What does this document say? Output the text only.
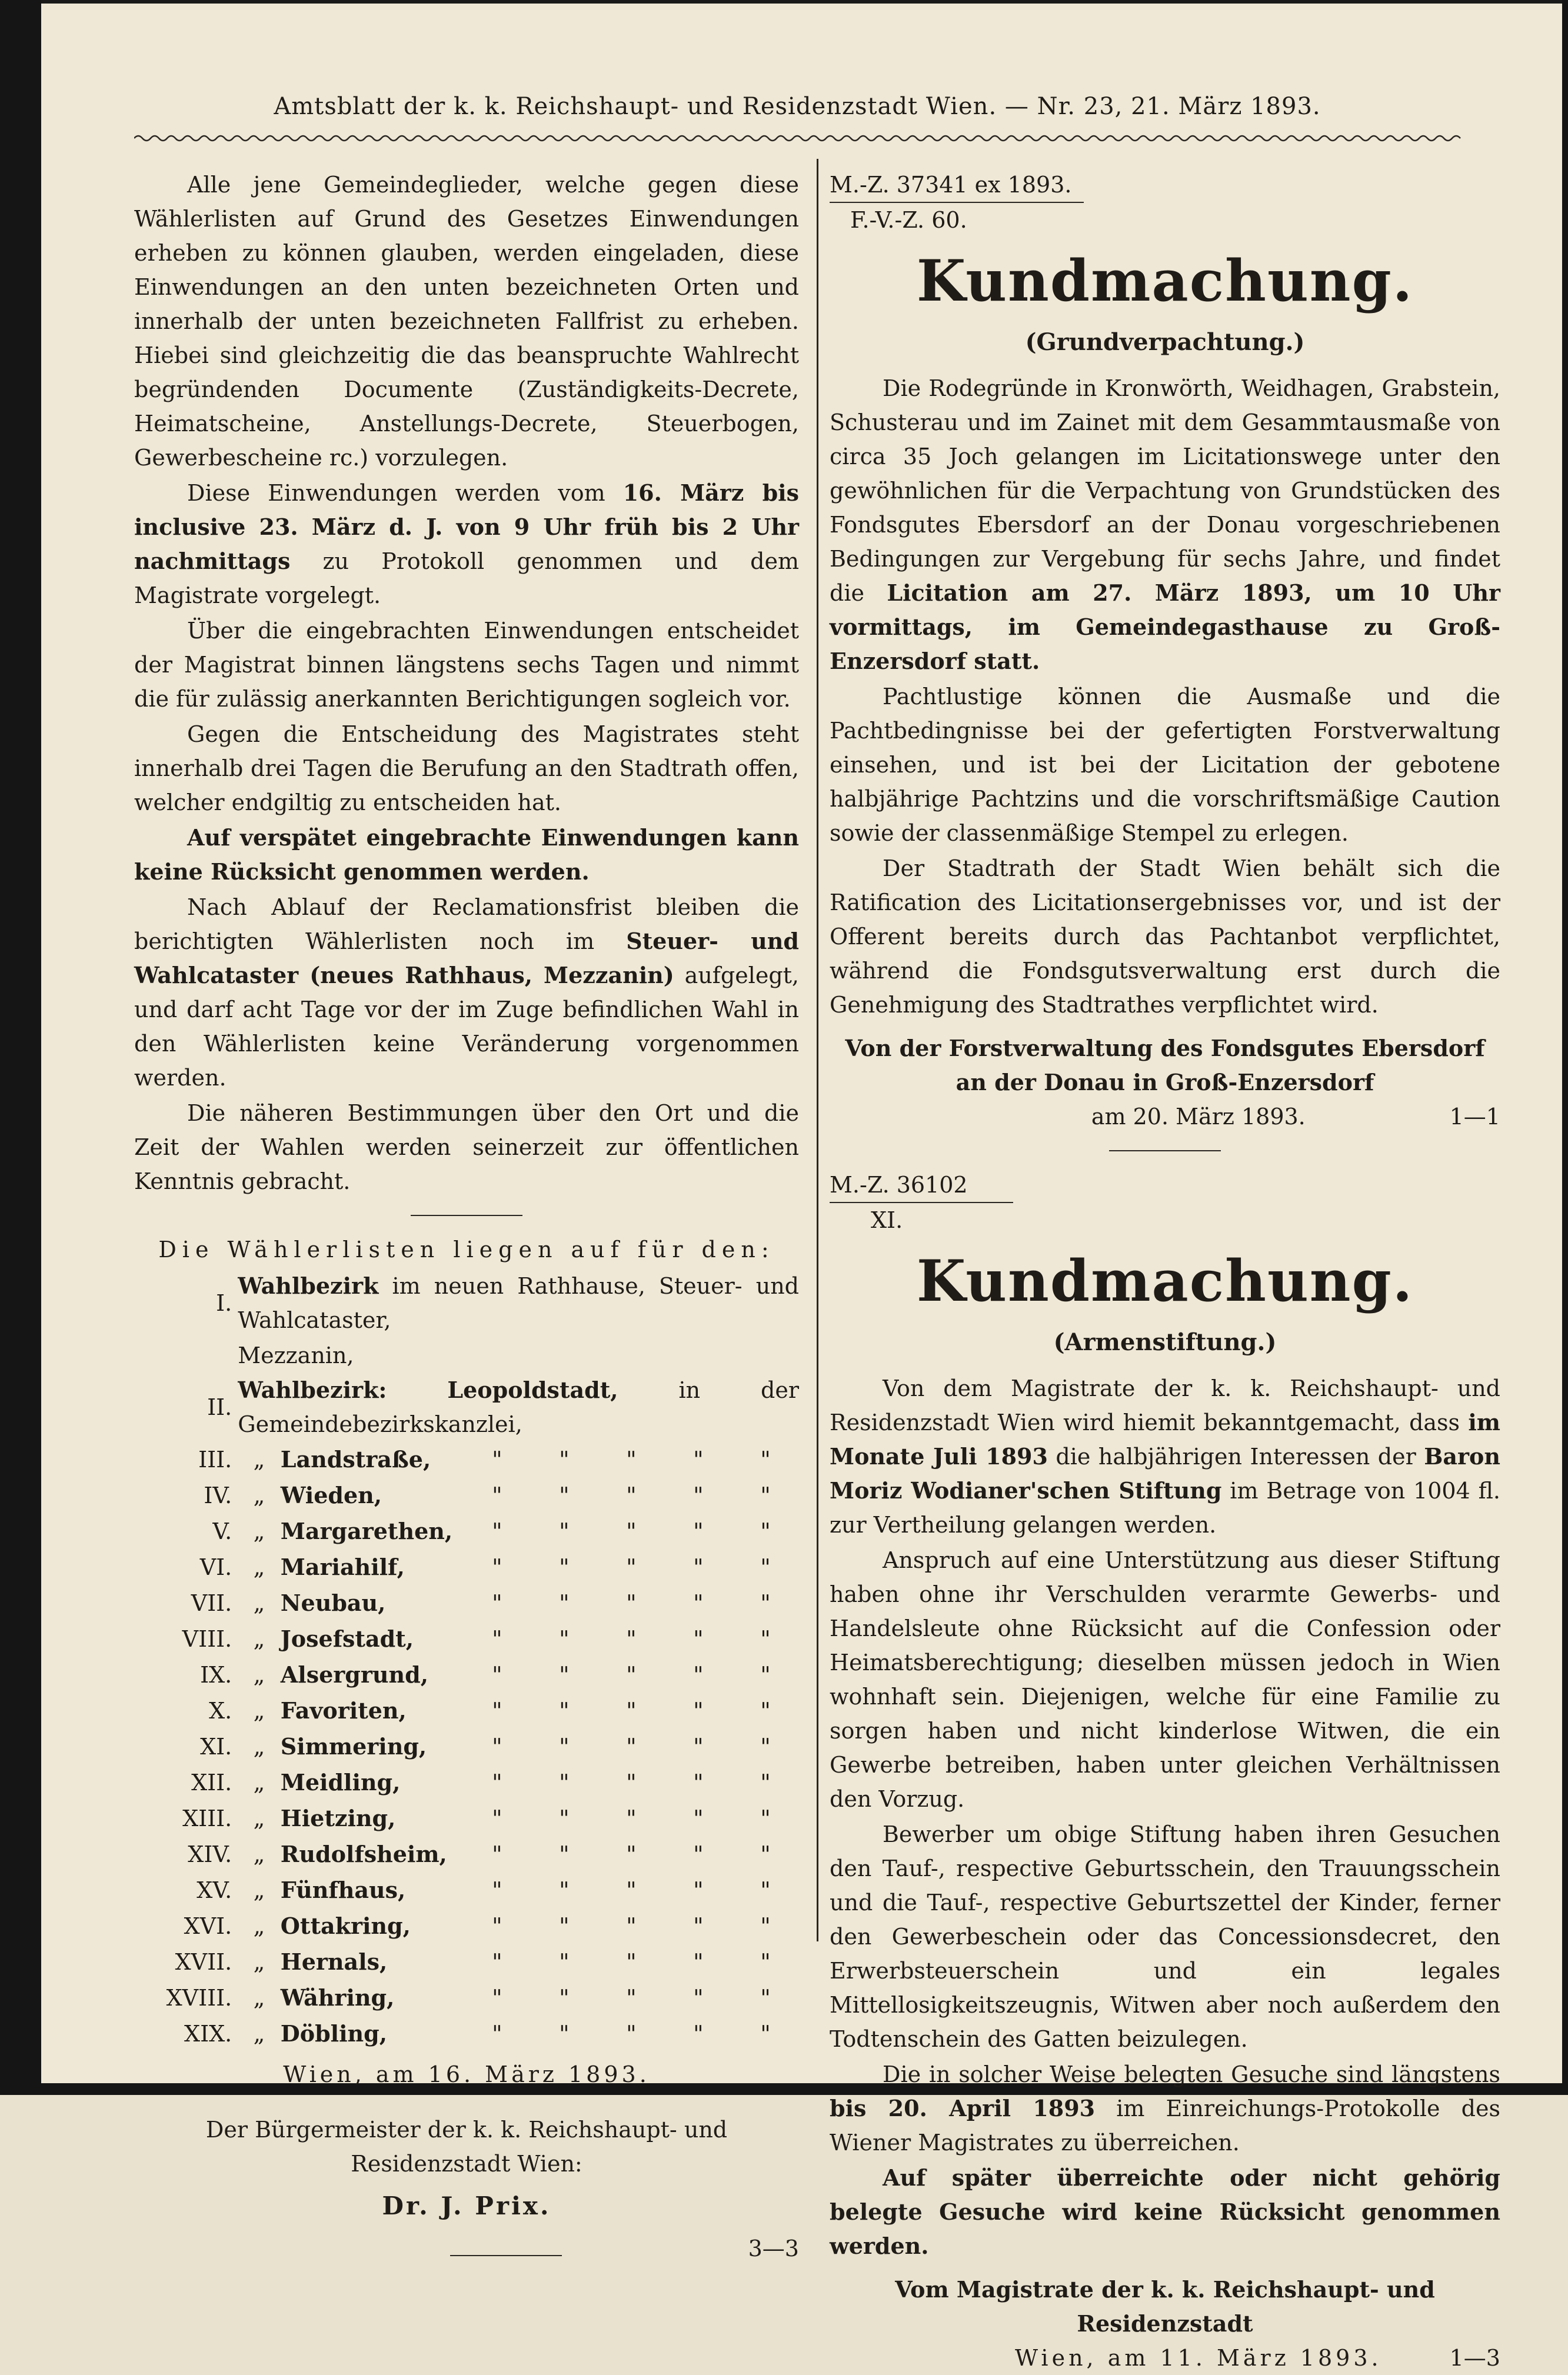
Amtsblatt der k. k. Reichshaupt- und Residenzstadt Wien. — Nr. 23, 21. März 1893.

Alle jene Gemeindeglieder, welche gegen diese Wählerlisten auf Grund des Gesetzes Einwendungen erheben zu können glauben, werden eingeladen, diese Einwendungen an den unten bezeichneten Orten und innerhalb der unten bezeichneten Fallfrist zu erheben. Hiebei sind gleichzeitig die das beanspruchte Wahlrecht begründenden Documente (Zuständigkeits-Decrete, Heimatscheine, Anstellungs-Decrete, Steuerbogen, Gewerbescheine rc.) vorzulegen.

Diese Einwendungen werden vom 16. März bis inclusive 23. März d. J. von 9 Uhr früh bis 2 Uhr nachmittags zu Protokoll genommen und dem Magistrate vorgelegt.

Über die eingebrachten Einwendungen entscheidet der Magistrat binnen längstens sechs Tagen und nimmt die für zulässig anerkannten Berichtigungen sogleich vor.

Gegen die Entscheidung des Magistrates steht innerhalb drei Tagen die Berufung an den Stadtrath offen, welcher endgiltig zu entscheiden hat.

Auf verspätet eingebrachte Einwendungen kann keine Rücksicht genommen werden.

Nach Ablauf der Reclamationsfrist bleiben die berichtigten Wählerlisten noch im Steuer- und Wahlcataster (neues Rathhaus, Mezzanin) aufgelegt, und darf acht Tage vor der im Zuge befindlichen Wahl in den Wählerlisten keine Veränderung vorgenommen werden.

Die näheren Bestimmungen über den Ort und die Zeit der Wahlen werden seinerzeit zur öffentlichen Kenntnis gebracht.

Die Wählerlisten liegen auf für den:
I.	Wahlbezirk im neuen Rathhause, Steuer- und Wahlcataster,						
	Mezzanin,						
II.	Wahlbezirk: Leopoldstadt, in der Gemeindebezirkskanzlei,						
III.	„	Landstraße,	"	"	"	"	"
IV.	„	Wieden,	"	"	"	"	"
V.	„	Margarethen,	"	"	"	"	"
VI.	„	Mariahilf,	"	"	"	"	"
VII.	„	Neubau,	"	"	"	"	"
VIII.	„	Josefstadt,	"	"	"	"	"
IX.	„	Alsergrund,	"	"	"	"	"
X.	„	Favoriten,	"	"	"	"	"
XI.	„	Simmering,	"	"	"	"	"
XII.	„	Meidling,	"	"	"	"	"
XIII.	„	Hietzing,	"	"	"	"	"
XIV.	„	Rudolfsheim,	"	"	"	"	"
XV.	„	Fünfhaus,	"	"	"	"	"
XVI.	„	Ottakring,	"	"	"	"	"
XVII.	„	Hernals,	"	"	"	"	"
XVIII.	„	Währing,	"	"	"	"	"
XIX.	„	Döbling,	"	"	"	"	"
Wien, am 16. März 1893.
Der Bürgermeister der k. k. Reichshaupt- und Residenzstadt Wien:
Dr. J. Prix.
3—3
M.-Z. 37341 ex 1893.
F.-V.-Z. 60.
Kundmachung.
(Grundverpachtung.)

Die Rodegründe in Kronwörth, Weidhagen, Grabstein, Schusterau und im Zainet mit dem Gesammtausmaße von circa 35 Joch gelangen im Licitationswege unter den gewöhnlichen für die Verpachtung von Grundstücken des Fondsgutes Ebersdorf an der Donau vorgeschriebenen Bedingungen zur Vergebung für sechs Jahre, und findet die Licitation am 27. März 1893, um 10 Uhr vormittags, im Gemeindegasthause zu Groß-Enzersdorf statt.

Pachtlustige können die Ausmaße und die Pachtbedingnisse bei der gefertigten Forstverwaltung einsehen, und ist bei der Licitation der gebotene halbjährige Pachtzins und die vorschriftsmäßige Caution sowie der classenmäßige Stempel zu erlegen.

Der Stadtrath der Stadt Wien behält sich die Ratification des Licitationsergebnisses vor, und ist der Offerent bereits durch das Pachtanbot verpflichtet, während die Fondsgutsverwaltung erst durch die Genehmigung des Stadtrathes verpflichtet wird.

Von der Forstverwaltung des Fondsgutes Ebersdorf an der Donau in Groß-Enzersdorf
am 20. März 1893.	1—1
M.-Z. 36102
XI.
Kundmachung.
(Armenstiftung.)

Von dem Magistrate der k. k. Reichshaupt- und Residenzstadt Wien wird hiemit bekanntgemacht, dass im Monate Juli 1893 die halbjährigen Interessen der Baron Moriz Wodianer'schen Stiftung im Betrage von 1004 fl. zur Vertheilung gelangen werden.

Anspruch auf eine Unterstützung aus dieser Stiftung haben ohne ihr Verschulden verarmte Gewerbs- und Handelsleute ohne Rücksicht auf die Confession oder Heimatsberechtigung; dieselben müssen jedoch in Wien wohnhaft sein. Diejenigen, welche für eine Familie zu sorgen haben und nicht kinderlose Witwen, die ein Gewerbe betreiben, haben unter gleichen Verhältnissen den Vorzug.

Bewerber um obige Stiftung haben ihren Gesuchen den Tauf-, respective Geburtsschein, den Trauungsschein und die Tauf-, respective Geburtszettel der Kinder, ferner den Gewerbeschein oder das Concessionsdecret, den Erwerbsteuerschein und ein legales Mittellosigkeitszeugnis, Witwen aber noch außerdem den Todtenschein des Gatten beizulegen.

Die in solcher Weise belegten Gesuche sind längstens bis 20. April 1893 im Einreichungs-Protokolle des Wiener Magistrates zu überreichen.

Auf später überreichte oder nicht gehörig belegte Gesuche wird keine Rücksicht genommen werden.

Vom Magistrate der k. k. Reichshaupt- und Residenzstadt
Wien, am 11. März 1893.	1—3
